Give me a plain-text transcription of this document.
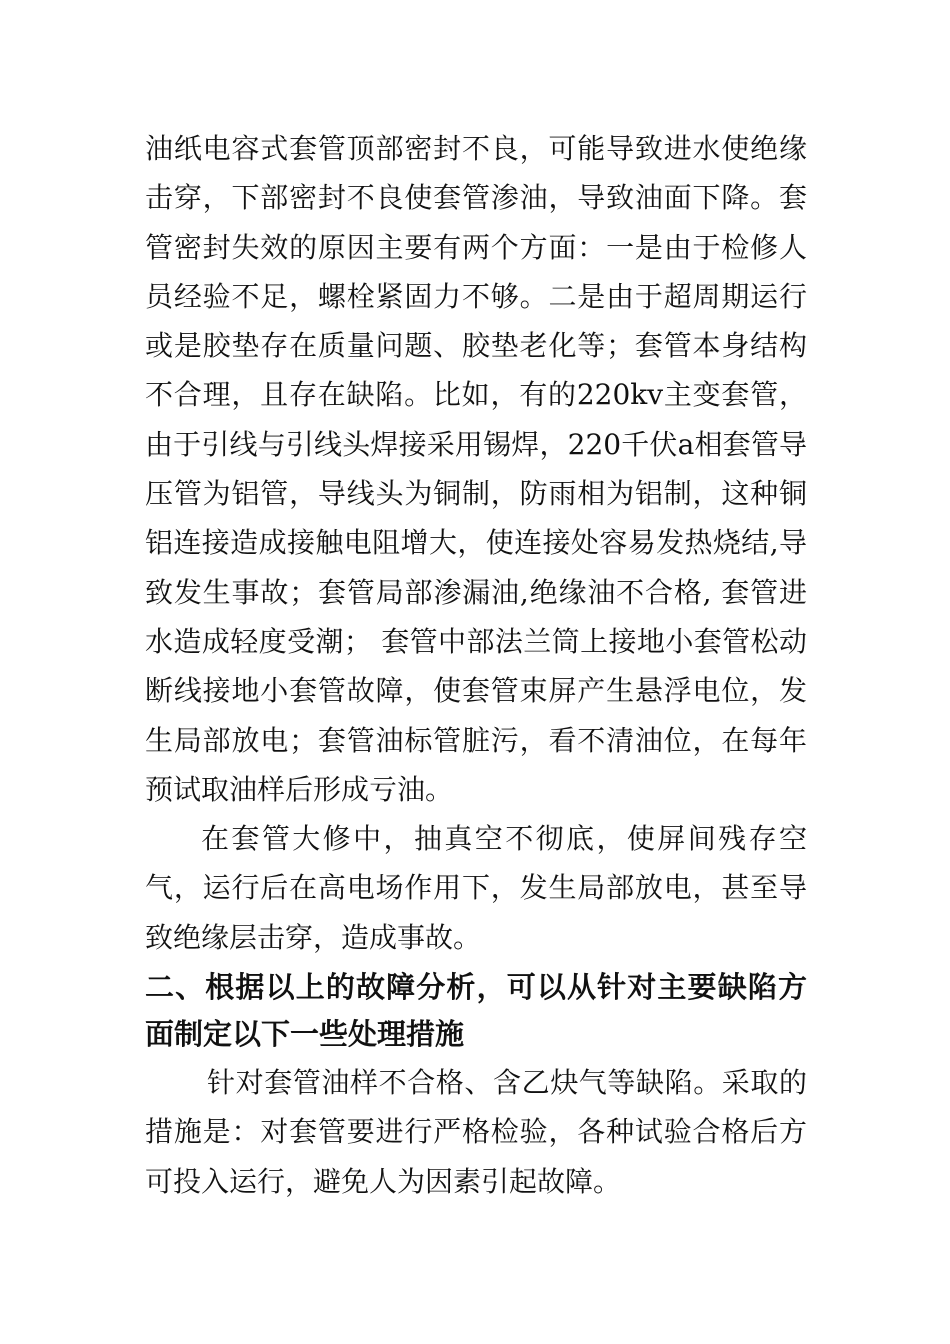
油纸电容式套管顶部密封不良，可能导致进水使绝缘击穿，下部密封不良使套管渗油，导致油面下降。套管密封失效的原因主要有两个方面：一是由于检修人员经验不足，螺栓紧固力不够。二是由于超周期运行或是胶垫存在质量问题、胶垫老化等；套管本身结构不合理，且存在缺陷。比如，有的220kv主变套管，由于引线与引线头焊接采用锡焊，220千伏a相套管导压管为铝管，导线头为铜制，防雨相为铝制，这种铜铝连接造成接触电阻增大，使连接处容易发热烧结,导致发生事故；套管局部渗漏油,绝缘油不合格, 套管进水造成轻度受潮； 套管中部法兰筒上接地小套管松动断线接地小套管故障，使套管束屏产生悬浮电位，发生局部放电；套管油标管脏污，看不清油位，在每年预试取油样后形成亏油。

在套管大修中，抽真空不彻底，使屏间残存空气，运行后在高电场作用下，发生局部放电，甚至导致绝缘层击穿，造成事故。

二、根据以上的故障分析，可以从针对主要缺陷方面制定以下一些处理措施

针对套管油样不合格、含乙炔气等缺陷。采取的措施是：对套管要进行严格检验，各种试验合格后方可投入运行，避免人为因素引起故障。
